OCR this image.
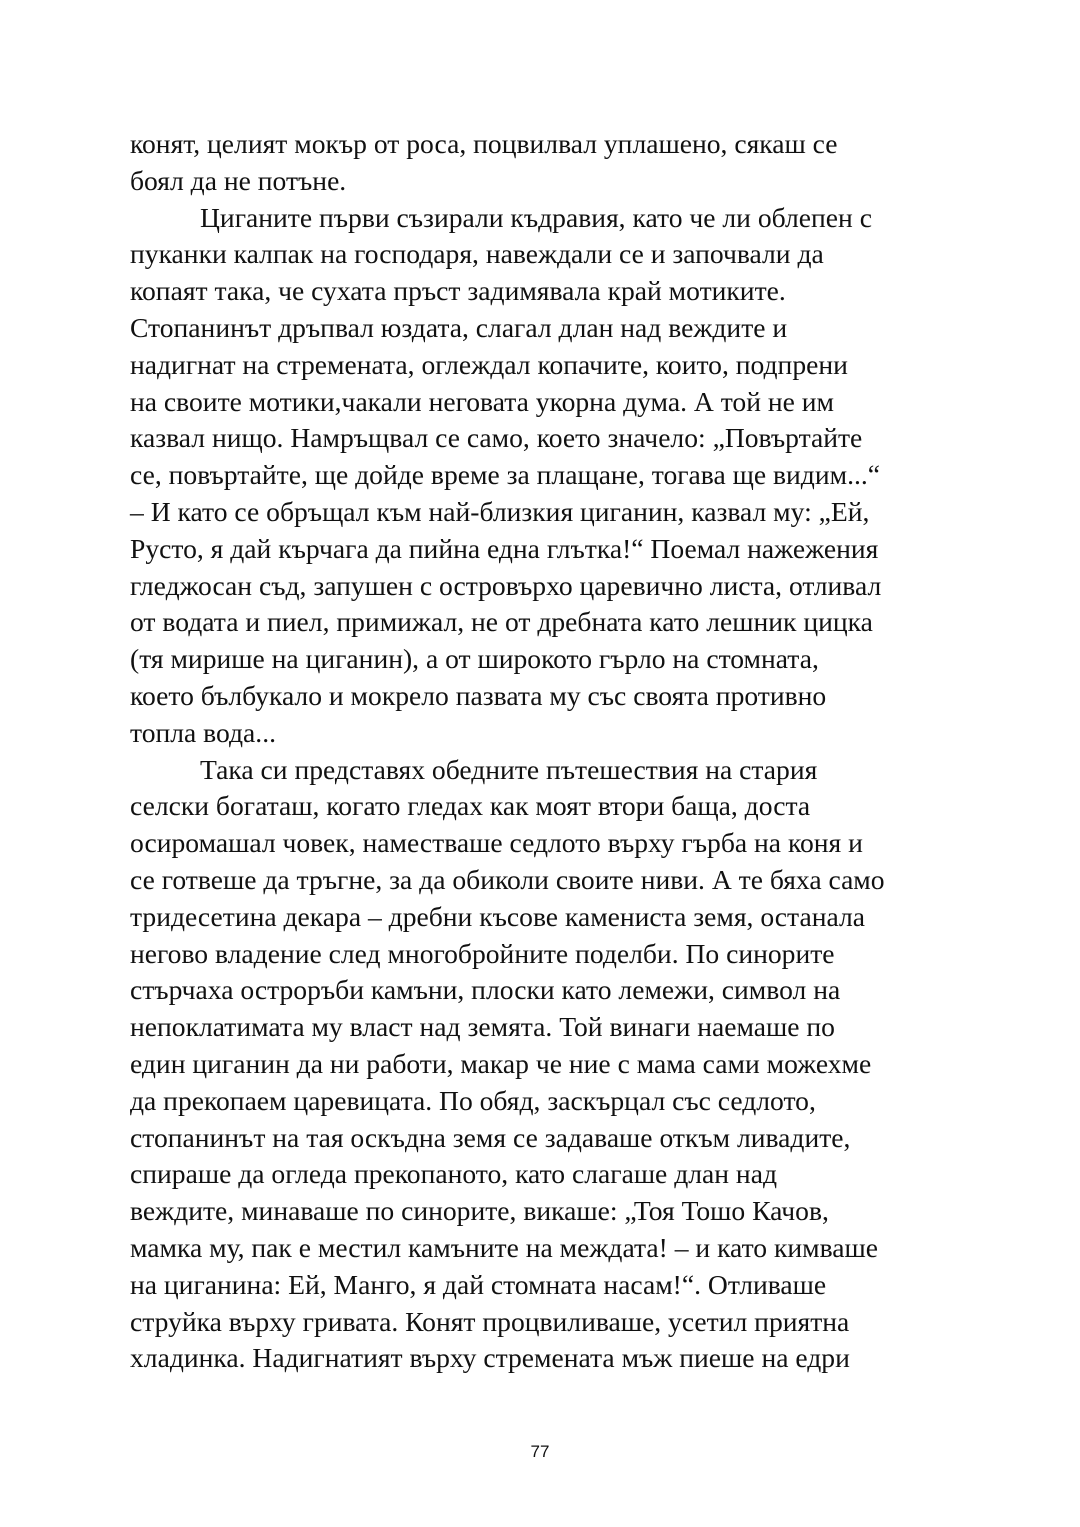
конят, целият мокър от роса, поцвилвал уплашено, сякаш се
боял да не потъне.
Циганите първи съзирали къдравия, като че ли облепен с
пуканки калпак на господаря, навеждали се и започвали да
копаят така, че сухата пръст задимявала край мотиките.
Стопанинът дръпвал юздата, слагал длан над веждите и
надигнат на стремената, оглеждал копачите, които, подпрени
на своите мотики,чакали неговата укорна дума. А той не им
казвал нищо. Намръщвал се само, което значело: „Повъртайте
се, повъртайте, ще дойде време за плащане, тогава ще видим...“
– И като се обръщал към най-близкия циганин, казвал му: „Ей,
Русто, я дай кърчага да пийна една глътка!“ Поемал нажежения
гледжосан съд, запушен с островърхо царевично листа, отливал
от водата и пиел, примижал, не от дребната като лешник цицка
(тя мирише на циганин), а от широкото гърло на стомната,
което бълбукало и мокрело пазвата му със своята противно
топла вода...
Така си представях обедните пътешествия на стария
селски богаташ, когато гледах как моят втори баща, доста
осиромашал човек, наместваше седлото върху гърба на коня и
се готвеше да тръгне, за да обиколи своите ниви. А те бяха само
тридесетина декара – дребни късове камениста земя, останала
негово владение след многобройните поделби. По синорите
стърчаха остроръби камъни, плоски като лемежи, символ на
непоклатимата му власт над земята. Той винаги наемаше по
един циганин да ни работи, макар че ние с мама сами можехме
да прекопаем царевицата. По обяд, заскърцал със седлото,
стопанинът на тая оскъдна земя се задаваше откъм ливадите,
спираше да огледа прекопаното, като слагаше длан над
веждите, минаваше по синорите, викаше: „Тоя Тошо Качов,
мамка му, пак е местил камъните на междата! – и като кимваше
на циганина: Ей, Манго, я дай стомната насам!“. Отливаше
струйка върху гривата. Конят процвиливаше, усетил приятна
хладинка. Надигнатият върху стремената мъж пиеше на едри
77
